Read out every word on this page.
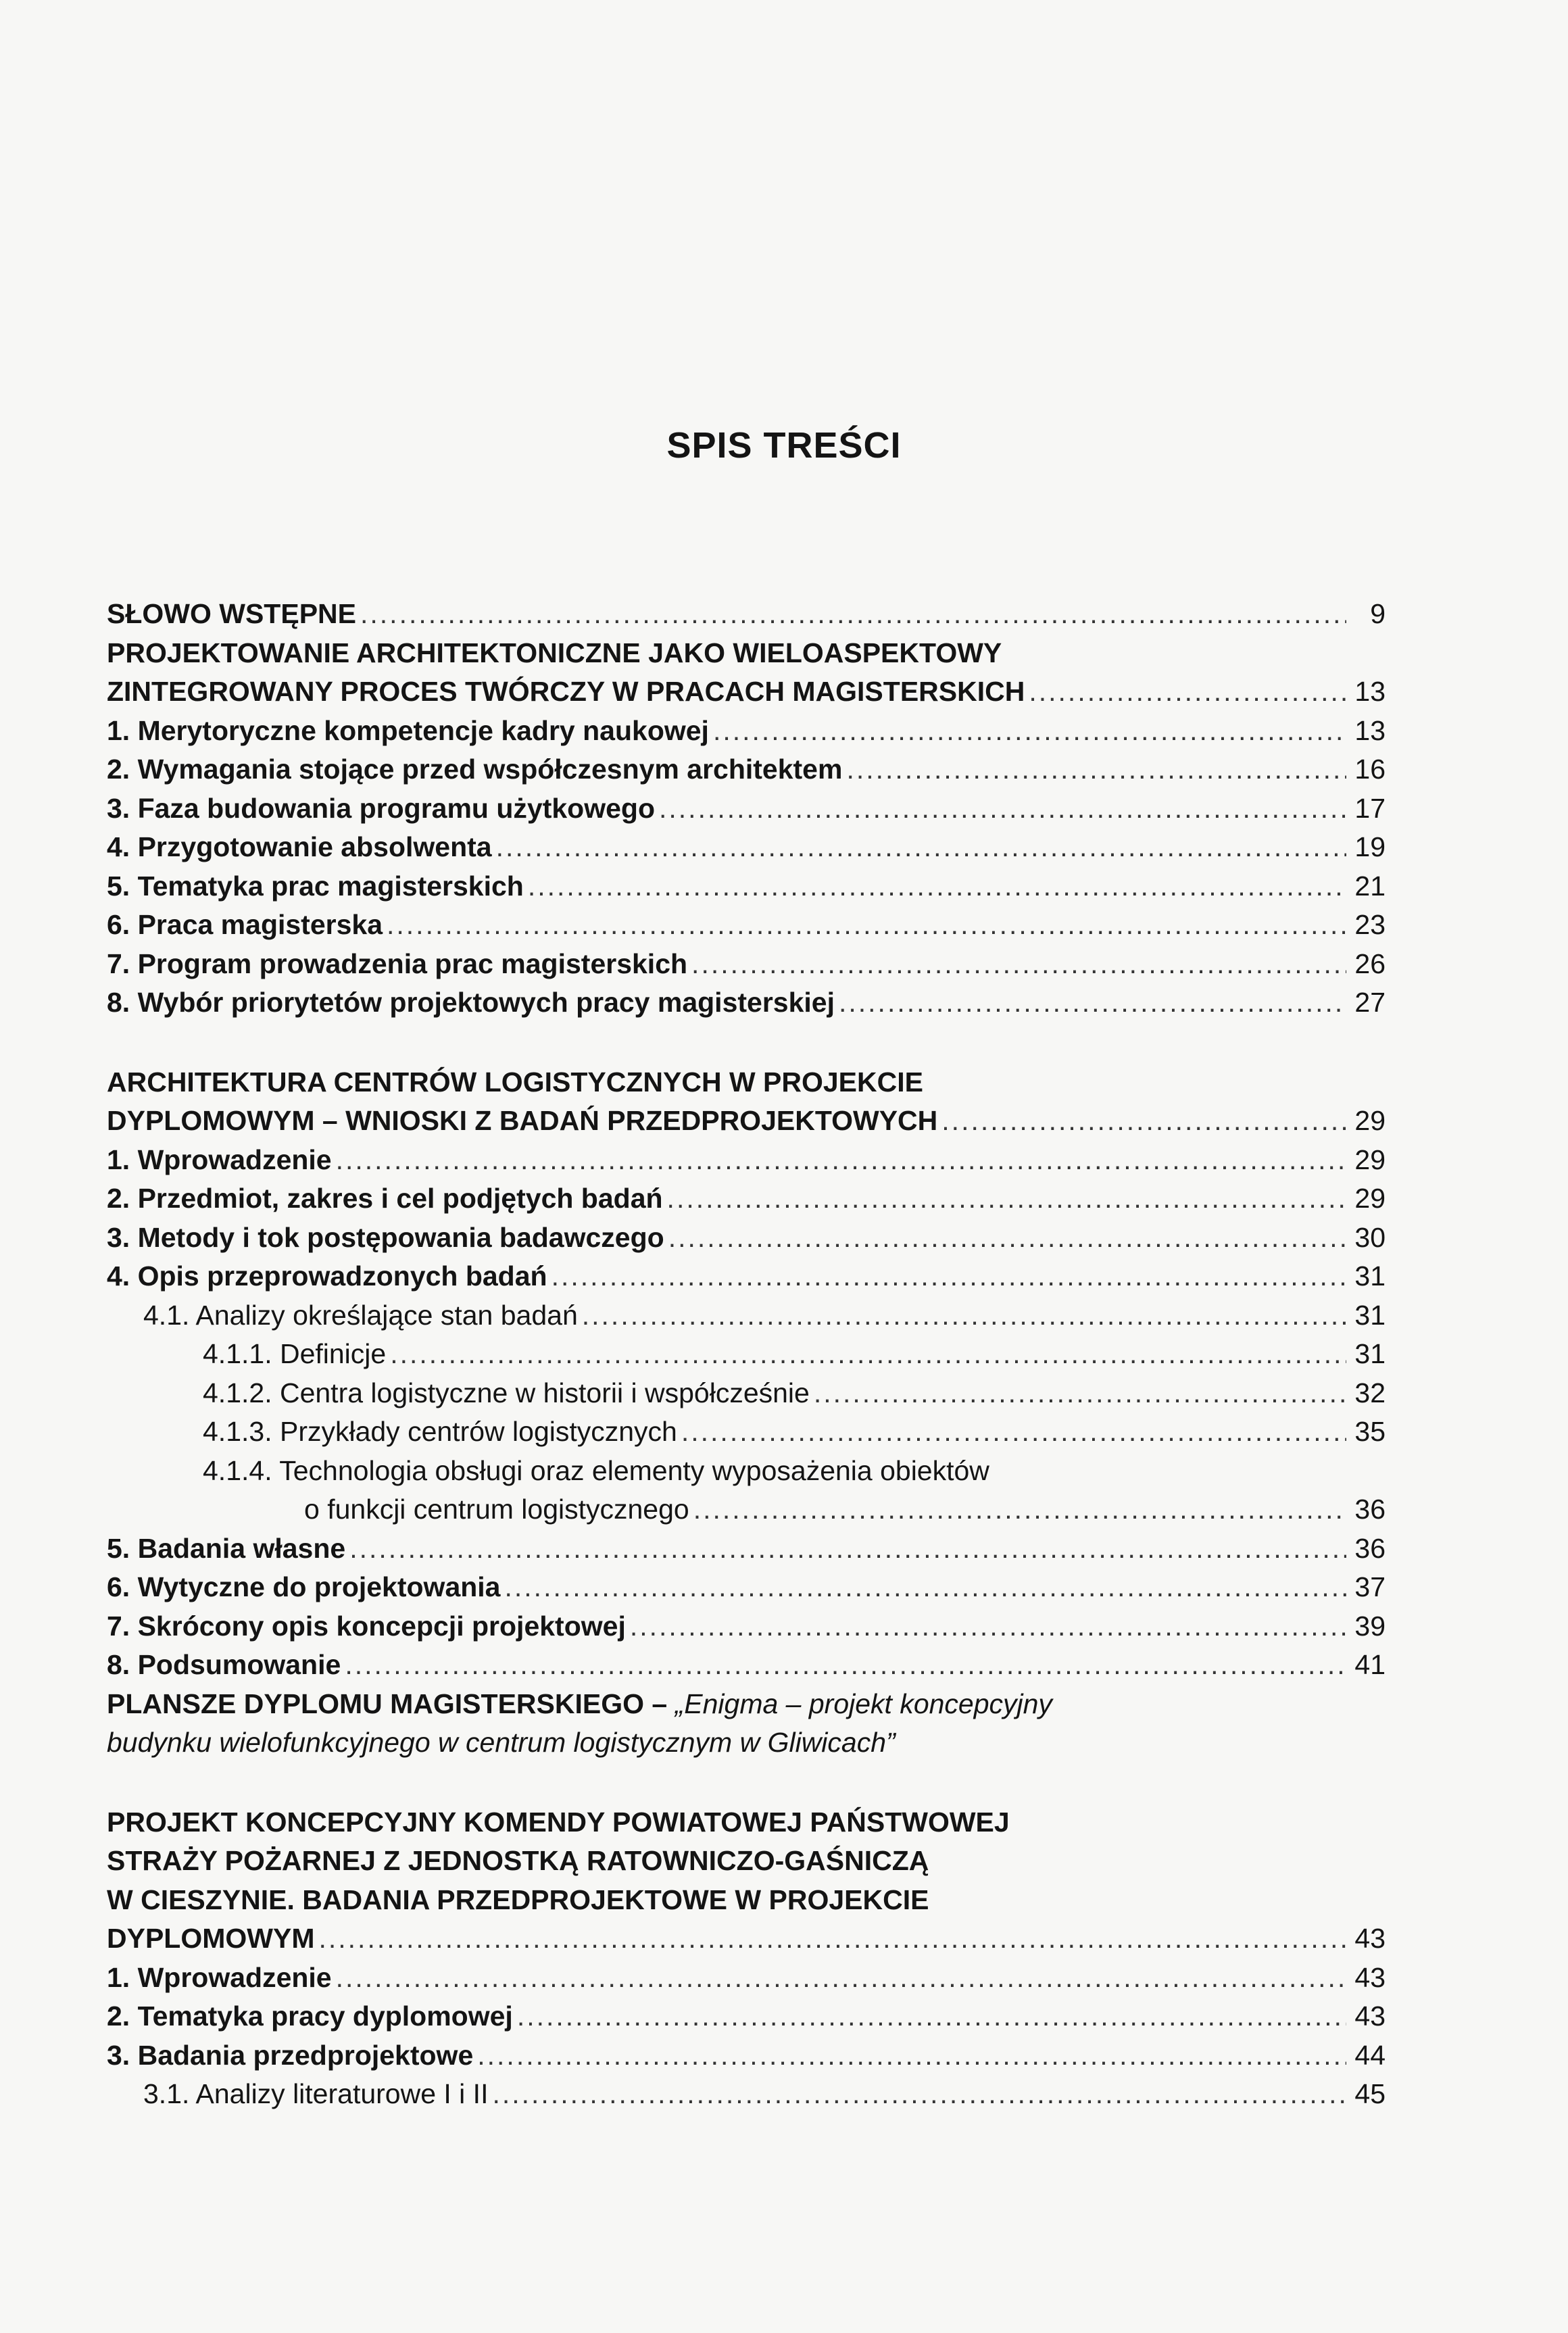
SPIS TREŚCI
SŁOWO WSTĘPNE .....	9
PROJEKTOWANIE ARCHITEKTONICZNE JAKO WIELOASPEKTOWY
ZINTEGROWANY PROCES TWÓRCZY W PRACACH MAGISTERSKICH .....	13
1. Merytoryczne kompetencje kadry naukowej .....	13
2. Wymagania stojące przed współczesnym architektem .....	16
3. Faza budowania programu użytkowego .....	17
4. Przygotowanie absolwenta .....	19
5. Tematyka prac magisterskich .....	21
6. Praca magisterska .....	23
7. Program prowadzenia prac magisterskich .....	26
8. Wybór priorytetów projektowych pracy magisterskiej .....	27
ARCHITEKTURA CENTRÓW LOGISTYCZNYCH W PROJEKCIE
DYPLOMOWYM – WNIOSKI Z BADAŃ PRZEDPROJEKTOWYCH .....	29
1. Wprowadzenie .....	29
2. Przedmiot, zakres i cel podjętych badań .....	29
3. Metody i tok postępowania badawczego .....	30
4. Opis przeprowadzonych badań .....	31
4.1. Analizy określające stan badań .....	31
4.1.1. Definicje .....	31
4.1.2. Centra logistyczne w historii i współcześnie .....	32
4.1.3. Przykłady centrów logistycznych .....	35
4.1.4. Technologia obsługi oraz elementy wyposażenia obiektów
o funkcji centrum logistycznego .....	36
5. Badania własne .....	36
6. Wytyczne do projektowania .....	37
7. Skrócony opis koncepcji projektowej .....	39
8. Podsumowanie .....	41
PLANSZE DYPLOMU MAGISTERSKIEGO – „Enigma – projekt koncepcyjny
budynku wielofunkcyjnego w centrum logistycznym w Gliwicach”
PROJEKT KONCEPCYJNY KOMENDY POWIATOWEJ PAŃSTWOWEJ
STRAŻY POŻARNEJ Z JEDNOSTKĄ RATOWNICZO-GAŚNICZĄ
W CIESZYNIE. BADANIA PRZEDPROJEKTOWE W PROJEKCIE
DYPLOMOWYM .....	43
1. Wprowadzenie .....	43
2. Tematyka pracy dyplomowej .....	43
3. Badania przedprojektowe .....	44
3.1. Analizy literaturowe I i II .....	45
